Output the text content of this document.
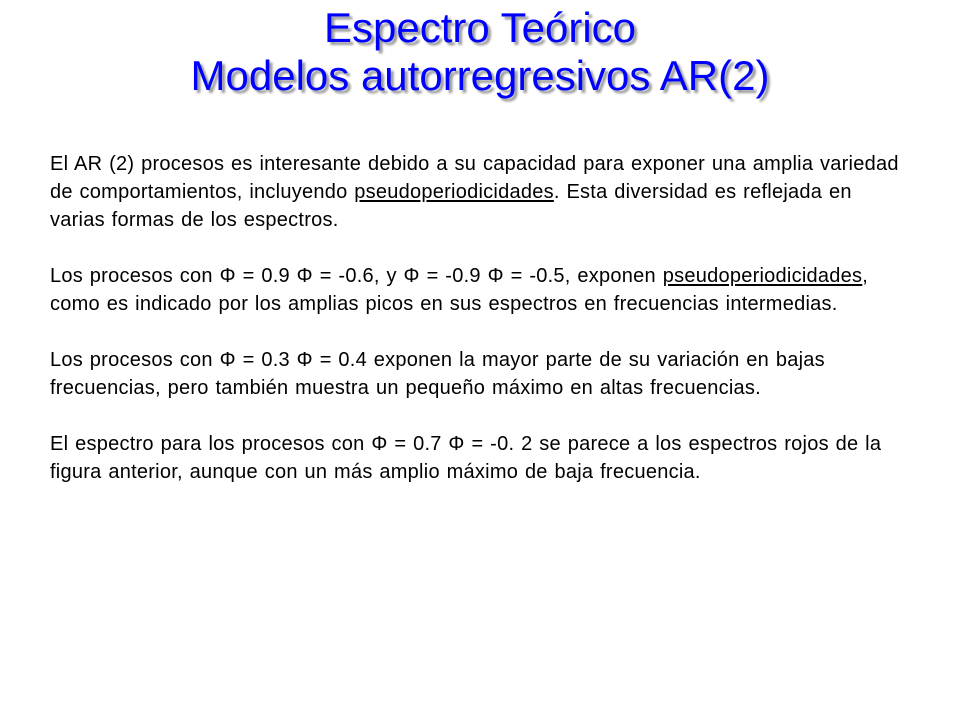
Espectro Teórico
Modelos autorregresivos AR(2)

El AR (2) procesos es interesante debido a su capacidad para exponer una amplia variedad de comportamientos, incluyendo pseudoperiodicidades. Esta diversidad es reflejada en varias formas de los espectros.

Los procesos con Φ = 0.9 Φ = -0.6, y Φ = -0.9 Φ = -0.5, exponen pseudoperiodicidades, como es indicado por los amplias picos en sus espectros en frecuencias intermedias.

Los procesos con Φ = 0.3 Φ = 0.4 exponen la mayor parte de su variación en bajas frecuencias, pero también muestra un pequeño máximo en altas frecuencias.

El espectro para los procesos con Φ = 0.7 Φ = -0. 2 se parece a los espectros rojos de la figura anterior, aunque con un más amplio máximo de baja frecuencia.
